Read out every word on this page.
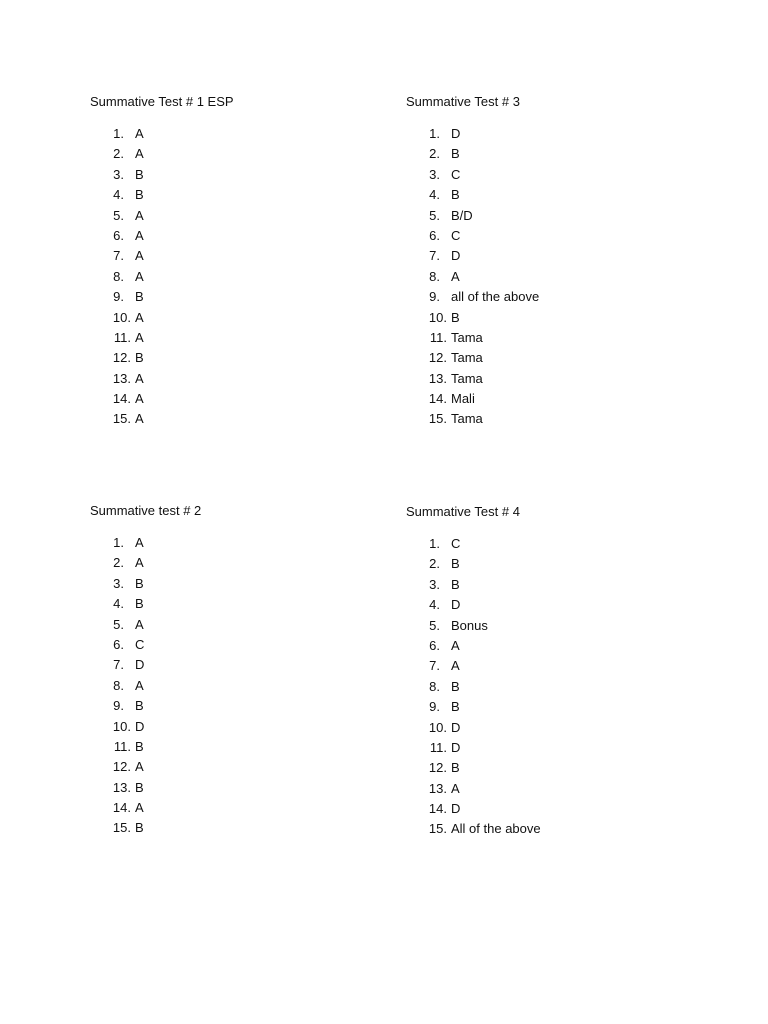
Summative Test # 1 ESP

1. A
2. A
3. B
4. B
5. A
6. A
7. A
8. A
9. B
10. A
11. A
12. B
13. A
14. A
15. A

Summative Test # 3

1. D
2. B
3. C
4. B
5. B/D
6. C
7. D
8. A
9. all of the above
10. B
11. Tama
12. Tama
13. Tama
14. Mali
15. Tama

Summative test # 2

1. A
2. A
3. B
4. B
5. A
6. C
7. D
8. A
9. B
10. D
11. B
12. A
13. B
14. A
15. B

Summative Test # 4

1. C
2. B
3. B
4. D
5. Bonus
6. A
7. A
8. B
9. B
10. D
11. D
12. B
13. A
14. D
15. All of the above
